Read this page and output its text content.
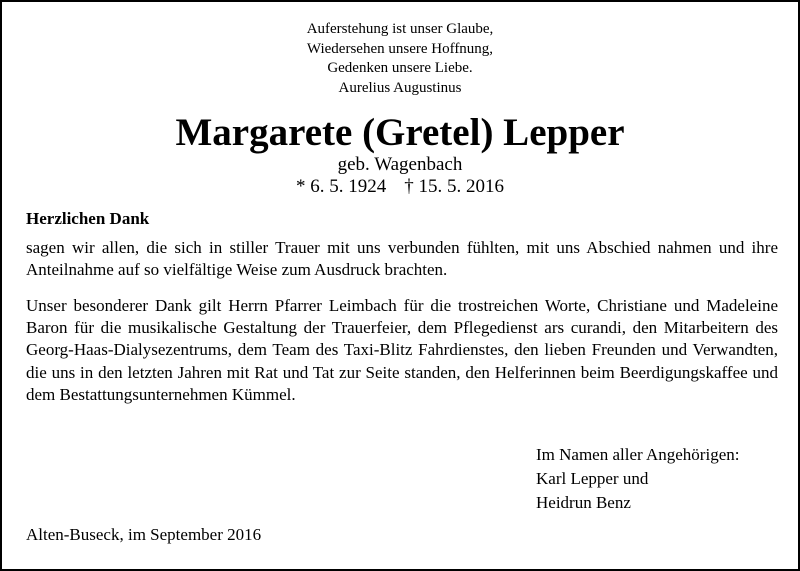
Auferstehung ist unser Glaube,
Wiedersehen unsere Hoffnung,
Gedenken unsere Liebe.
Aurelius Augustinus
Margarete (Gretel) Lepper
geb. Wagenbach
* 6. 5. 1924 † 15. 5. 2016
Herzlichen Dank
sagen wir allen, die sich in stiller Trauer mit uns verbunden fühlten, mit uns Abschied nahmen und ihre Anteilnahme auf so vielfältige Weise zum Ausdruck brachten.
Unser besonderer Dank gilt Herrn Pfarrer Leimbach für die trostreichen Worte, Christiane und Madeleine Baron für die musikalische Gestaltung der Trauerfeier, dem Pflegedienst ars curandi, den Mitarbeitern des Georg-Haas-Dialysezentrums, dem Team des Taxi-Blitz Fahrdienstes, den lieben Freunden und Verwandten, die uns in den letzten Jahren mit Rat und Tat zur Seite standen, den Helferinnen beim Beerdigungskaffee und dem Bestattungsunternehmen Kümmel.
Im Namen aller Angehörigen:
Karl Lepper und
Heidrun Benz
Alten-Buseck, im September 2016
